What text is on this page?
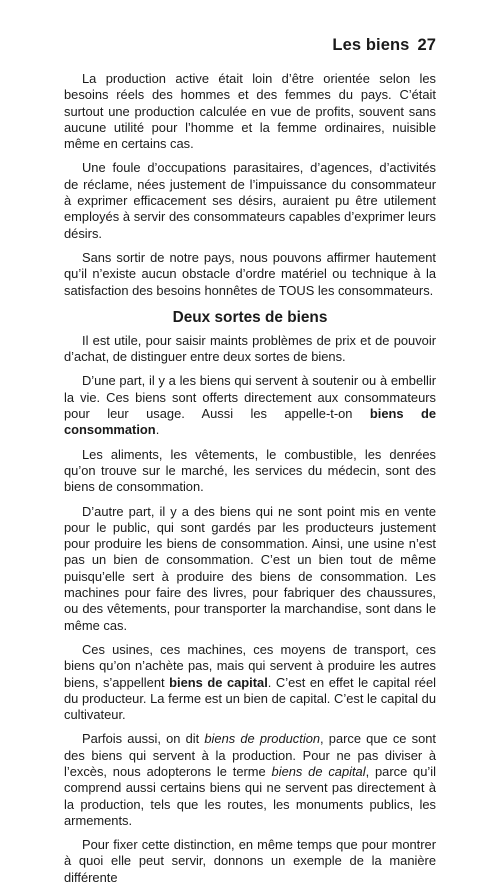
Les biens 27

La production active était loin d’être orientée selon les besoins réels des hommes et des femmes du pays. C’était surtout une production calculée en vue de profits, souvent sans aucune utilité pour l’homme et la femme ordinaires, nuisible même en certains cas.

Une foule d’occupations parasitaires, d’agences, d’activités de réclame, nées justement de l’impuissance du consommateur à exprimer efficacement ses désirs, auraient pu être utilement employés à servir des consommateurs capables d’exprimer leurs désirs.

Sans sortir de notre pays, nous pouvons affirmer hautement qu’il n’existe aucun obstacle d’ordre matériel ou technique à la satisfaction des besoins honnêtes de TOUS les consommateurs.

Deux sortes de biens

Il est utile, pour saisir maints problèmes de prix et de pouvoir d’achat, de distinguer entre deux sortes de biens.

D’une part, il y a les biens qui servent à soutenir ou à embellir la vie. Ces biens sont offerts directement aux consommateurs pour leur usage. Aussi les appelle-t-on biens de consommation.

Les aliments, les vêtements, le combustible, les denrées qu’on trouve sur le marché, les services du médecin, sont des biens de consommation.

D’autre part, il y a des biens qui ne sont point mis en vente pour le public, qui sont gardés par les producteurs justement pour produire les biens de consommation. Ainsi, une usine n’est pas un bien de consommation. C’est un bien tout de même puisqu’elle sert à produire des biens de consommation. Les machines pour faire des livres, pour fabriquer des chaussures, ou des vêtements, pour transporter la marchandise, sont dans le même cas.

Ces usines, ces machines, ces moyens de transport, ces biens qu’on n’achète pas, mais qui servent à produire les autres biens, s’appellent biens de capital. C’est en effet le capital réel du producteur. La ferme est un bien de capital. C’est le capital du cultivateur.

Parfois aussi, on dit biens de production, parce que ce sont des biens qui servent à la production. Pour ne pas diviser à l’excès, nous adopterons le terme biens de capital, parce qu’il comprend aussi certains biens qui ne servent pas directement à la production, tels que les routes, les monuments publics, les armements.

Pour fixer cette distinction, en même temps que pour montrer à quoi elle peut servir, donnons un exemple de la manière différente
